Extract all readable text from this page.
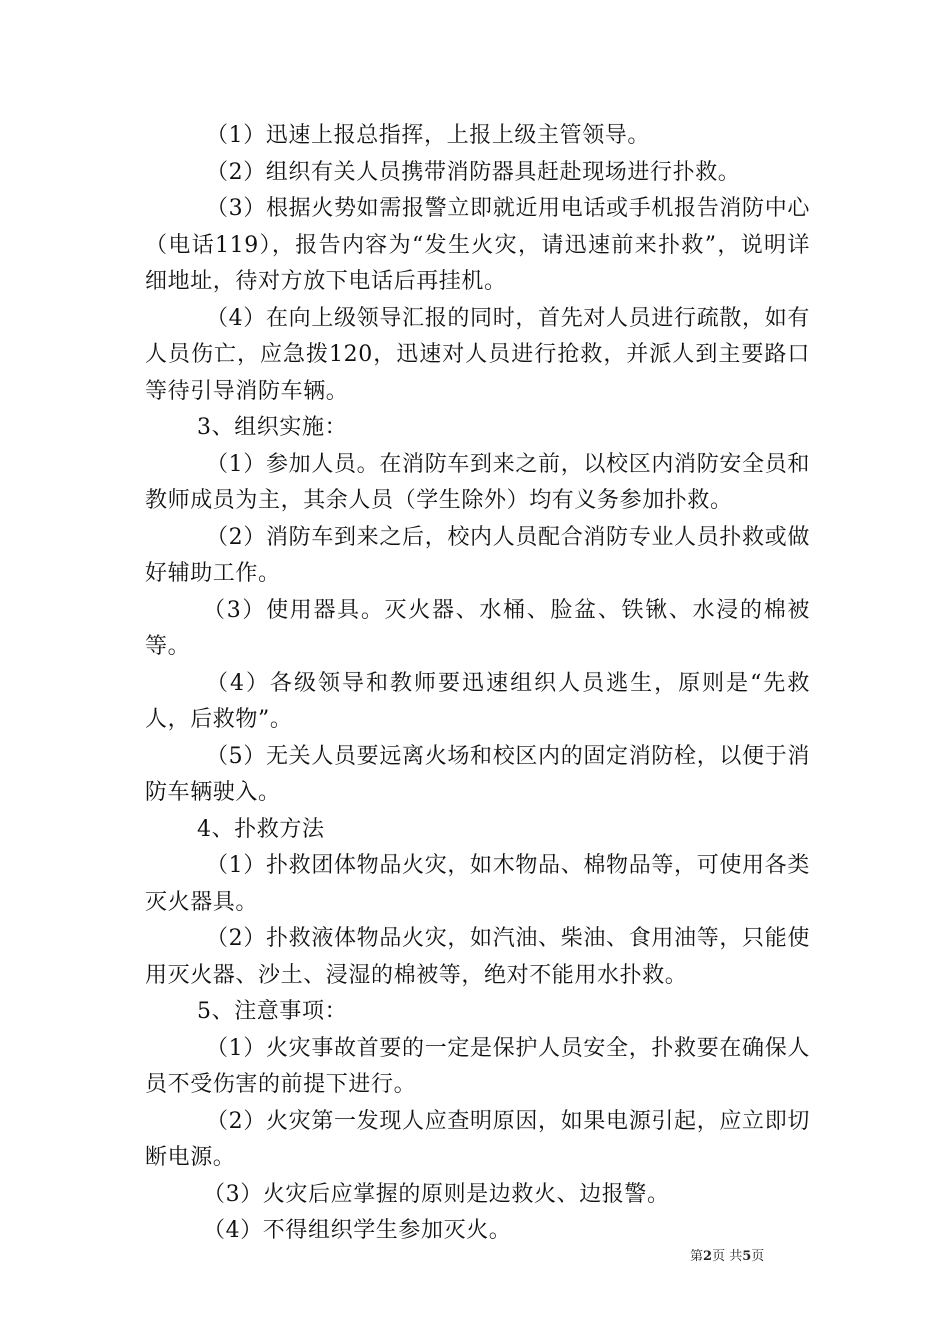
（1）迅速上报总指挥，上报上级主管领导。

（2）组织有关人员携带消防器具赶赴现场进行扑救。

（3）根据火势如需报警立即就近用电话或手机报告消防中心（电话119），报告内容为“发生火灾，请迅速前来扑救”，说明详细地址，待对方放下电话后再挂机。

（4）在向上级领导汇报的同时，首先对人员进行疏散，如有人员伤亡，应急拨120，迅速对人员进行抢救，并派人到主要路口等待引导消防车辆。

3、组织实施：

（1）参加人员。在消防车到来之前，以校区内消防安全员和教师成员为主，其余人员（学生除外）均有义务参加扑救。

（2）消防车到来之后，校内人员配合消防专业人员扑救或做好辅助工作。

（3）使用器具。灭火器、水桶、脸盆、铁锹、水浸的棉被等。

（4）各级领导和教师要迅速组织人员逃生，原则是“先救人，后救物”。

（5）无关人员要远离火场和校区内的固定消防栓，以便于消防车辆驶入。

4、扑救方法

（1）扑救团体物品火灾，如木物品、棉物品等，可使用各类灭火器具。

（2）扑救液体物品火灾，如汽油、柴油、食用油等，只能使用灭火器、沙土、浸湿的棉被等，绝对不能用水扑救。

5、注意事项：

（1）火灾事故首要的一定是保护人员安全，扑救要在确保人员不受伤害的前提下进行。

（2）火灾第一发现人应查明原因，如果电源引起，应立即切断电源。

（3）火灾后应掌握的原则是边救火、边报警。

（4）不得组织学生参加灭火。

第2页 共5页
